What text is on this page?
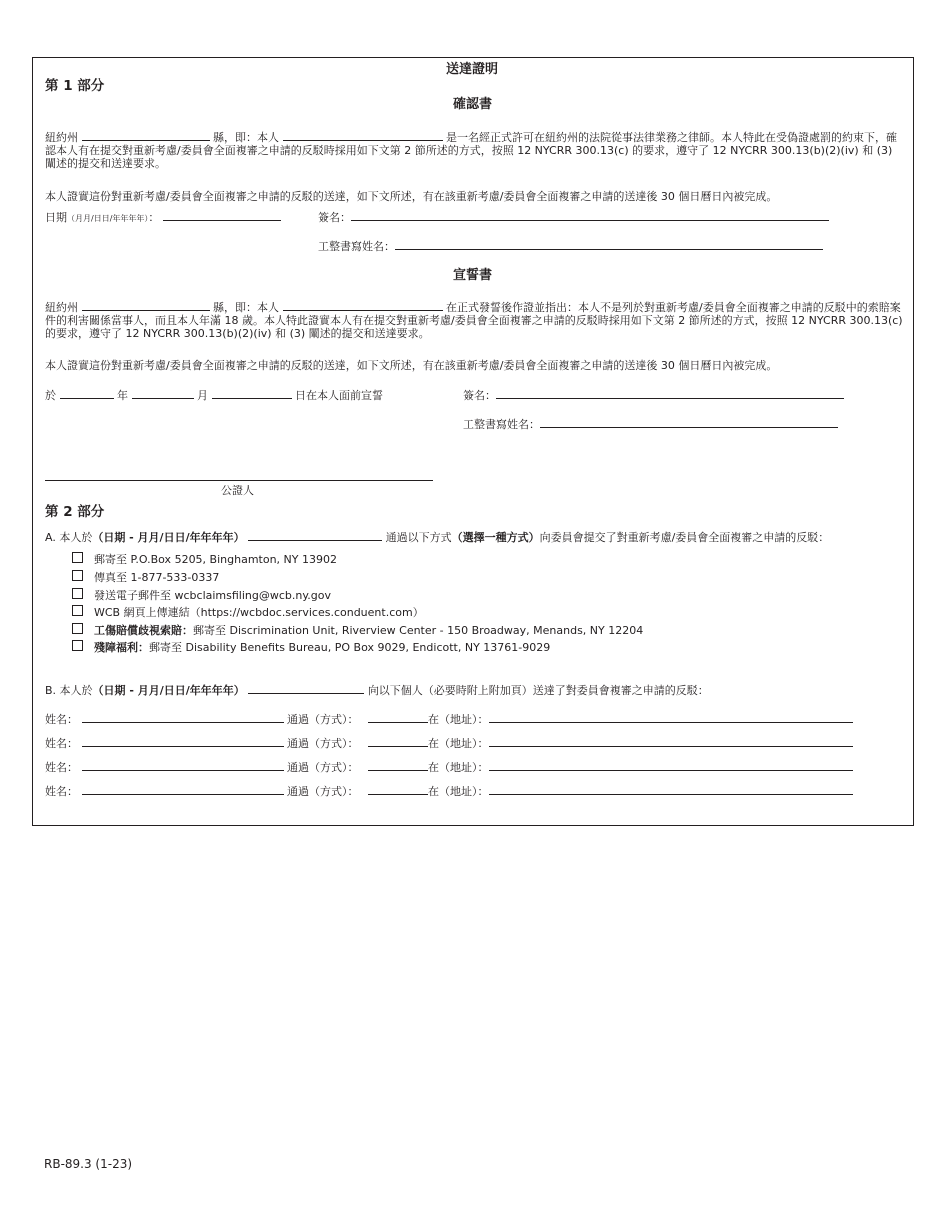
送達證明
第 1 部分
確認書
紐約州	縣，即：本人	是一名經正式許可在紐約州的法院從事法律業務之律師。本人特此在受偽證處罰的約束下，確認本人有在提交對重新考慮/委員會全面複審之申請的反駁時採用如下文第 2 節所述的方式，按照 12 NYCRR 300.13(c) 的要求，遵守了 12 NYCRR 300.13(b)(2)(iv) 和 (3) 闡述的提交和送達要求。
本人證實這份對重新考慮/委員會全面複審之申請的反駁的送達，如下文所述，有在該重新考慮/委員會全面複審之申請的送達後 30 個日曆日內被完成。
日期（月月/日日/年年年年）：	簽名：
工整書寫姓名：
宣誓書
紐約州	縣，即：本人	在正式發誓後作證並指出：本人不是列於對重新考慮/委員會全面複審之申請的反駁中的索賠案件的利害關係當事人，而且本人年滿 18 歲。本人特此證實本人有在提交對重新考慮/委員會全面複審之申請的反駁時採用如下文第 2 節所述的方式，按照 12 NYCRR 300.13(c) 的要求，遵守了 12 NYCRR 300.13(b)(2)(iv) 和 (3) 闡述的提交和送達要求。
本人證實這份對重新考慮/委員會全面複審之申請的反駁的送達，如下文所述，有在該重新考慮/委員會全面複審之申請的送達後 30 個日曆日內被完成。
於	年	月	日在本人面前宣誓	簽名：
工整書寫姓名：
公證人
第 2 部分
A. 本人於（日期 - 月月/日日/年年年年）	通過以下方式（選擇一種方式）向委員會提交了對重新考慮/委員會全面複審之申請的反駁：
郵寄至 P.O.Box 5205, Binghamton, NY 13902
傳真至 1-877-533-0337
發送電子郵件至 wcbclaimsfiling@wcb.ny.gov
WCB 網頁上傳連結（https://wcbdoc.services.conduent.com）
工傷賠償歧視索賠：郵寄至 Discrimination Unit, Riverview Center - 150 Broadway, Menands, NY 12204
殘障福利：郵寄至 Disability Benefits Bureau, PO Box 9029, Endicott, NY 13761-9029
B. 本人於（日期 - 月月/日日/年年年年）	向以下個人（必要時附上附加頁）送達了對委員會複審之申請的反駁：
姓名：	通過（方式）：	在（地址）：
姓名：	通過（方式）：	在（地址）：
姓名：	通過（方式）：	在（地址）：
姓名：	通過（方式）：	在（地址）：
RB-89.3 (1-23)
